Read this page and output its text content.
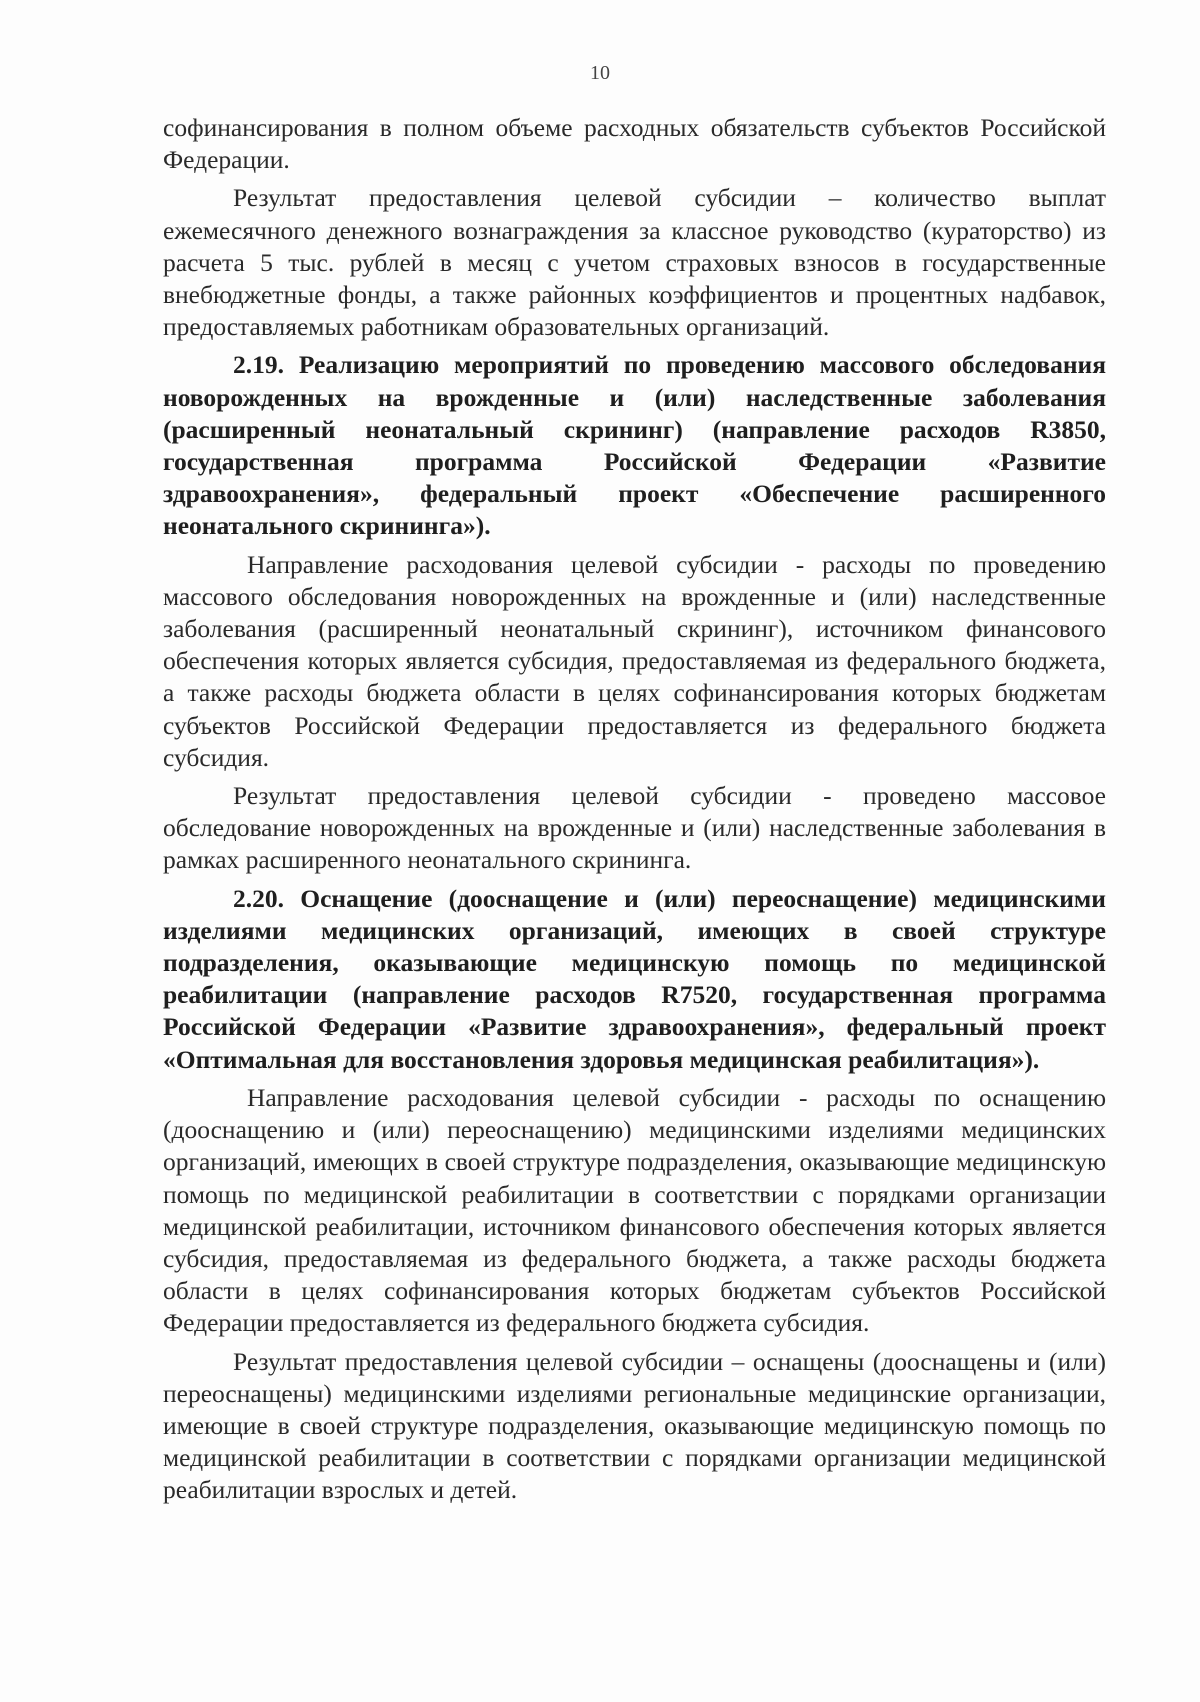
10

софинансирования в полном объеме расходных обязательств субъектов Российской Федерации.

Результат предоставления целевой субсидии – количество выплат ежемесячного денежного вознаграждения за классное руководство (кураторство) из расчета 5 тыс. рублей в месяц с учетом страховых взносов в государственные внебюджетные фонды, а также районных коэффициентов и процентных надбавок, предоставляемых работникам образовательных организаций.

2.19. Реализацию мероприятий по проведению массового обследования новорожденных на врожденные и (или) наследственные заболевания (расширенный неонатальный скрининг) (направление расходов R3850, государственная программа Российской Федерации «Развитие здравоохранения», федеральный проект «Обеспечение расширенного неонатального скрининга»).

Направление расходования целевой субсидии - расходы по проведению массового обследования новорожденных на врожденные и (или) наследственные заболевания (расширенный неонатальный скрининг), источником финансового обеспечения которых является субсидия, предоставляемая из федерального бюджета, а также расходы бюджета области в целях софинансирования которых бюджетам субъектов Российской Федерации предоставляется из федерального бюджета субсидия.

Результат предоставления целевой субсидии - проведено массовое обследование новорожденных на врожденные и (или) наследственные заболевания в рамках расширенного неонатального скрининга.

2.20. Оснащение (дооснащение и (или) переоснащение) медицинскими изделиями медицинских организаций, имеющих в своей структуре подразделения, оказывающие медицинскую помощь по медицинской реабилитации (направление расходов R7520, государственная программа Российской Федерации «Развитие здравоохранения», федеральный проект «Оптимальная для восстановления здоровья медицинская реабилитация»).

Направление расходования целевой субсидии - расходы по оснащению (дооснащению и (или) переоснащению) медицинскими изделиями медицинских организаций, имеющих в своей структуре подразделения, оказывающие медицинскую помощь по медицинской реабилитации в соответствии с порядками организации медицинской реабилитации, источником финансового обеспечения которых является субсидия, предоставляемая из федерального бюджета, а также расходы бюджета области в целях софинансирования которых бюджетам субъектов Российской Федерации предоставляется из федерального бюджета субсидия.

Результат предоставления целевой субсидии – оснащены (дооснащены и (или) переоснащены) медицинскими изделиями региональные медицинские организации, имеющие в своей структуре подразделения, оказывающие медицинскую помощь по медицинской реабилитации в соответствии с порядками организации медицинской реабилитации взрослых и детей.
